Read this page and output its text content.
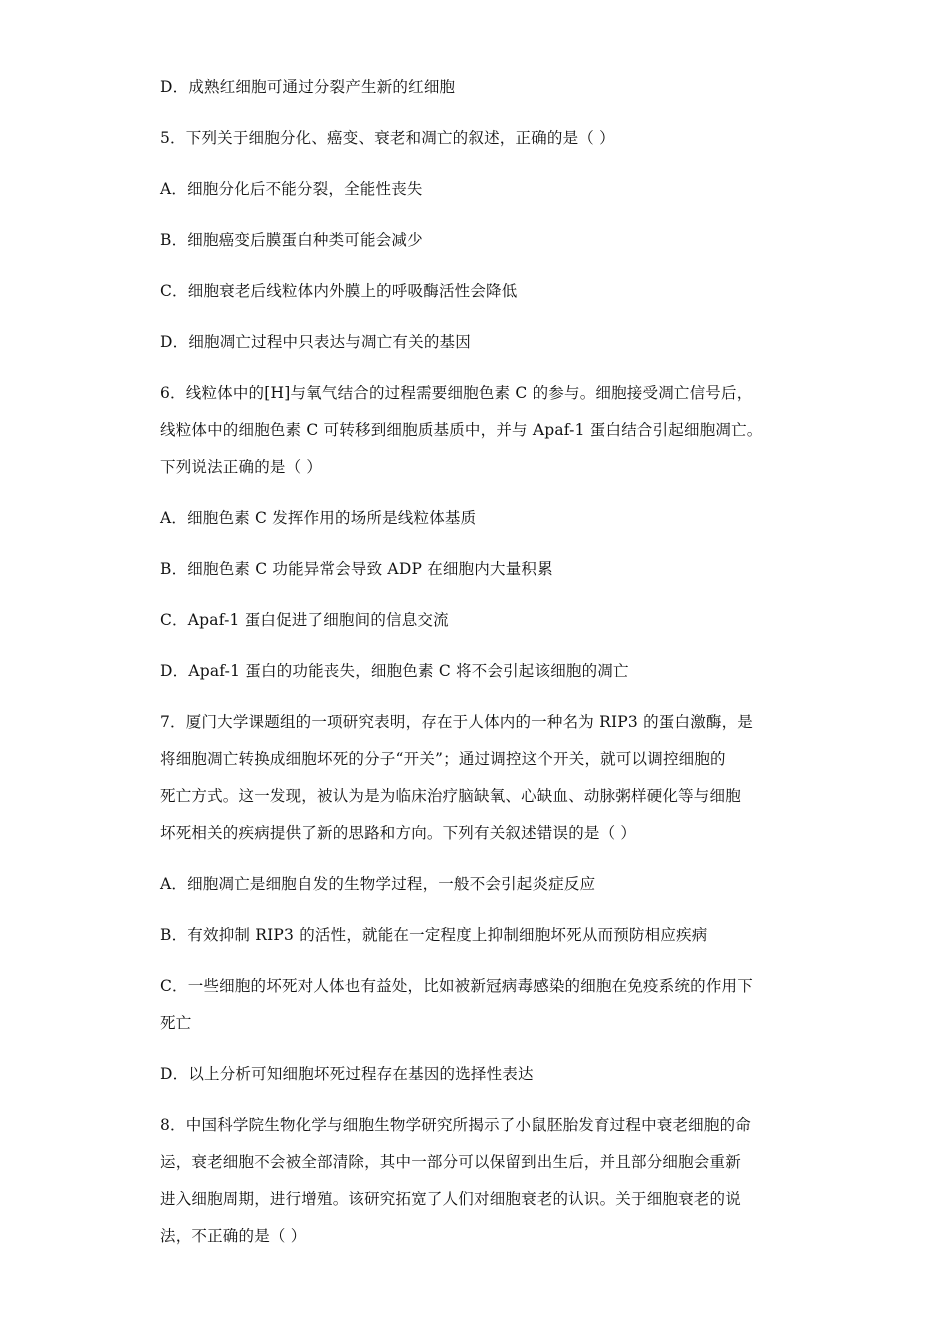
D．成熟红细胞可通过分裂产生新的红细胞
5．下列关于细胞分化、癌变、衰老和凋亡的叙述，正确的是（ ）
A．细胞分化后不能分裂，全能性丧失
B．细胞癌变后膜蛋白种类可能会减少
C．细胞衰老后线粒体内外膜上的呼吸酶活性会降低
D．细胞凋亡过程中只表达与凋亡有关的基因
6．线粒体中的[H]与氧气结合的过程需要细胞色素 C 的参与。细胞接受凋亡信号后，
线粒体中的细胞色素 C 可转移到细胞质基质中，并与 Apaf-1 蛋白结合引起细胞凋亡。
下列说法正确的是（ ）
A．细胞色素 C 发挥作用的场所是线粒体基质
B．细胞色素 C 功能异常会导致 ADP 在细胞内大量积累
C．Apaf-1 蛋白促进了细胞间的信息交流
D．Apaf-1 蛋白的功能丧失，细胞色素 C 将不会引起该细胞的凋亡
7．厦门大学课题组的一项研究表明，存在于人体内的一种名为 RIP3 的蛋白激酶，是
将细胞凋亡转换成细胞坏死的分子“开关”；通过调控这个开关，就可以调控细胞的
死亡方式。这一发现，被认为是为临床治疗脑缺氧、心缺血、动脉粥样硬化等与细胞
坏死相关的疾病提供了新的思路和方向。下列有关叙述错误的是（ ）
A．细胞凋亡是细胞自发的生物学过程，一般不会引起炎症反应
B．有效抑制 RIP3 的活性，就能在一定程度上抑制细胞坏死从而预防相应疾病
C．一些细胞的坏死对人体也有益处，比如被新冠病毒感染的细胞在免疫系统的作用下
死亡
D．以上分析可知细胞坏死过程存在基因的选择性表达
8．中国科学院生物化学与细胞生物学研究所揭示了小鼠胚胎发育过程中衰老细胞的命
运，衰老细胞不会被全部清除，其中一部分可以保留到出生后，并且部分细胞会重新
进入细胞周期，进行增殖。该研究拓宽了人们对细胞衰老的认识。关于细胞衰老的说
法，不正确的是（ ）
